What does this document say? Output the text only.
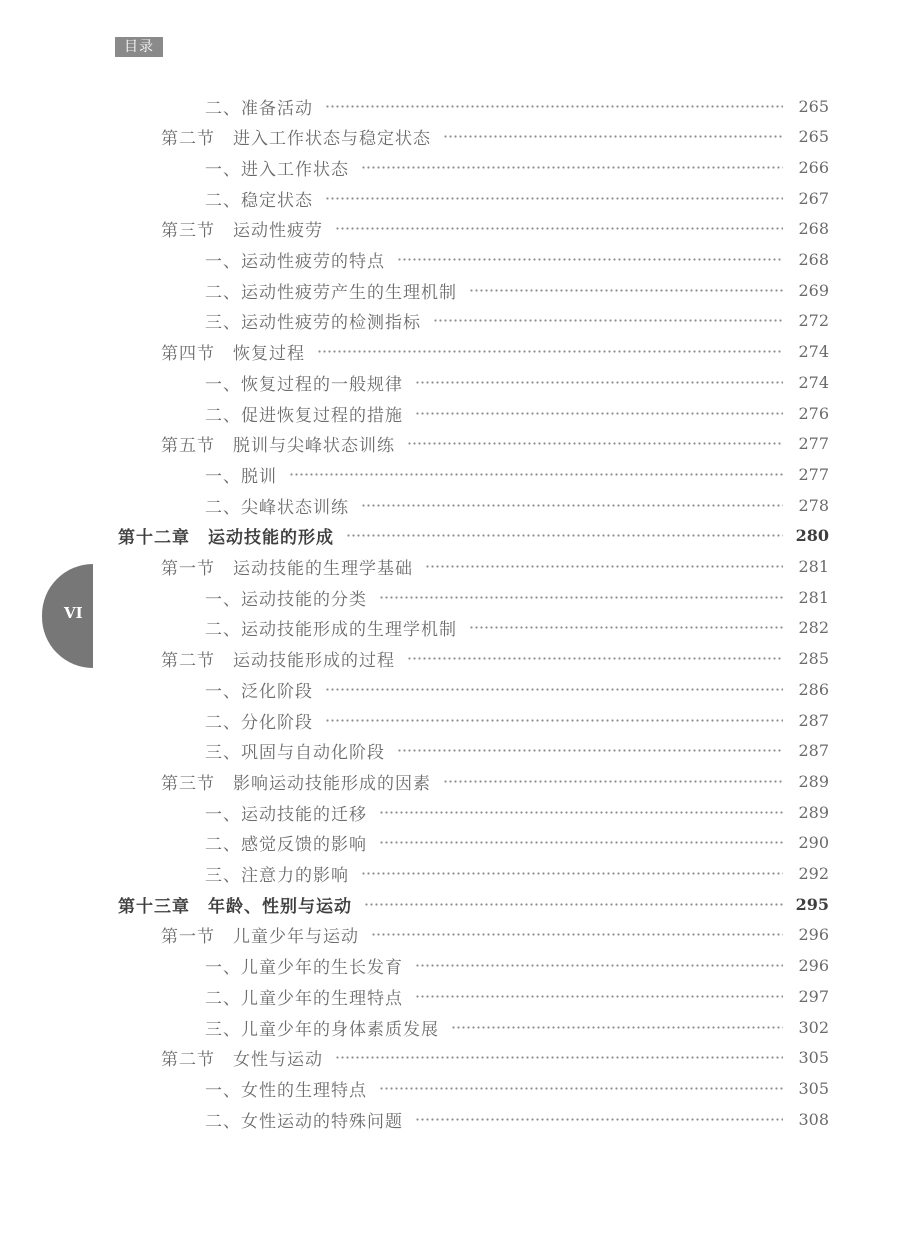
目录
VI
二、准备活动	265
第二节　进入工作状态与稳定状态	265
一、进入工作状态	266
二、稳定状态	267
第三节　运动性疲劳	268
一、运动性疲劳的特点	268
二、运动性疲劳产生的生理机制	269
三、运动性疲劳的检测指标	272
第四节　恢复过程	274
一、恢复过程的一般规律	274
二、促进恢复过程的措施	276
第五节　脱训与尖峰状态训练	277
一、脱训	277
二、尖峰状态训练	278
第十二章　运动技能的形成	280
第一节　运动技能的生理学基础	281
一、运动技能的分类	281
二、运动技能形成的生理学机制	282
第二节　运动技能形成的过程	285
一、泛化阶段	286
二、分化阶段	287
三、巩固与自动化阶段	287
第三节　影响运动技能形成的因素	289
一、运动技能的迁移	289
二、感觉反馈的影响	290
三、注意力的影响	292
第十三章　年龄、性别与运动	295
第一节　儿童少年与运动	296
一、儿童少年的生长发育	296
二、儿童少年的生理特点	297
三、儿童少年的身体素质发展	302
第二节　女性与运动	305
一、女性的生理特点	305
二、女性运动的特殊问题	308
